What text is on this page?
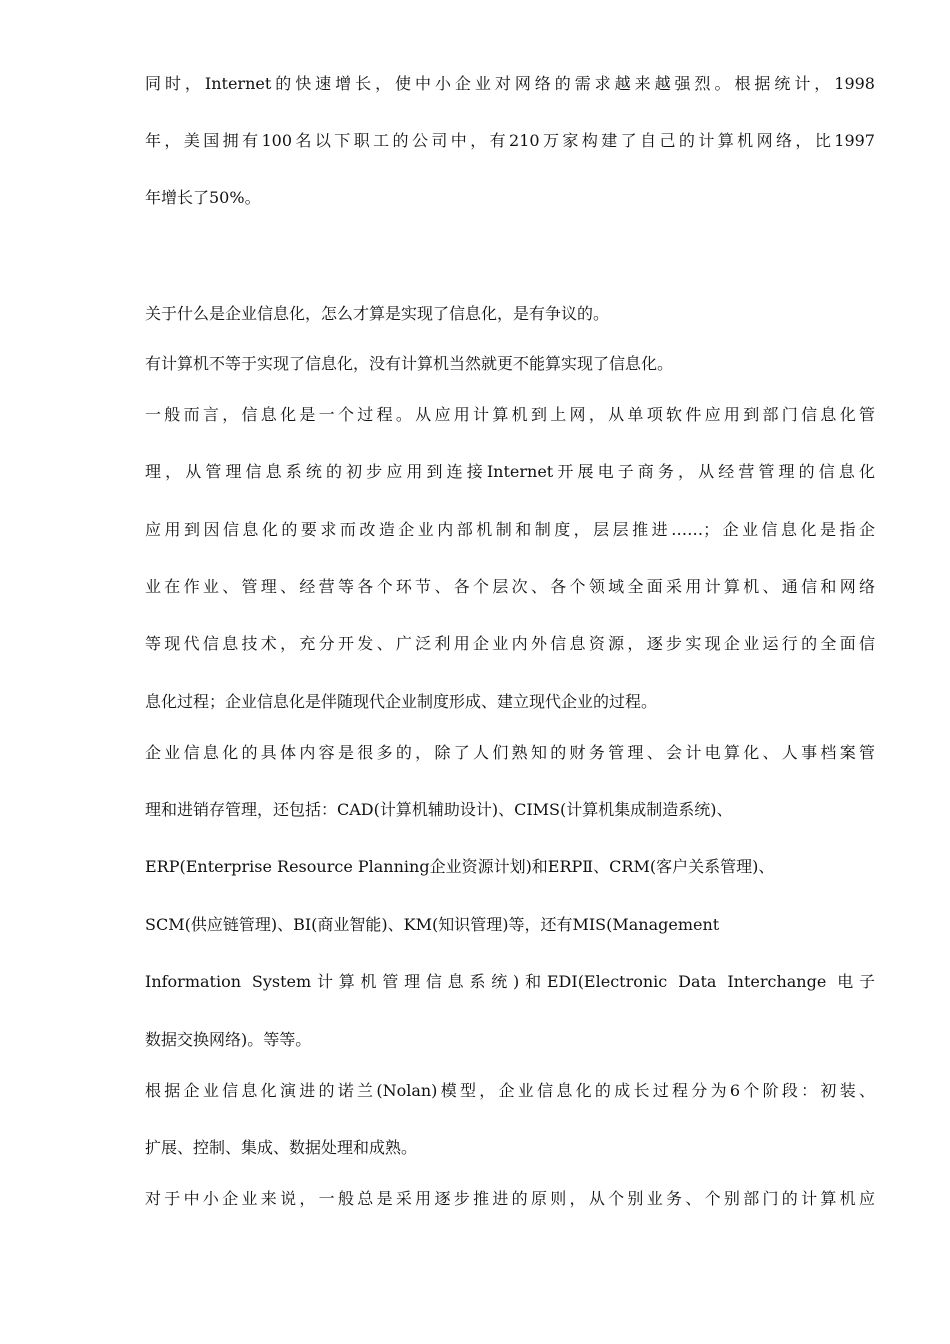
同时，Internet的快速增长，使中小企业对网络的需求越来越强烈。根据统计，1998
年，美国拥有100名以下职工的公司中，有210万家构建了自己的计算机网络，比1997
年增长了50%。
关于什么是企业信息化，怎么才算是实现了信息化，是有争议的。
有计算机不等于实现了信息化，没有计算机当然就更不能算实现了信息化。
一般而言，信息化是一个过程。从应用计算机到上网，从单项软件应用到部门信息化管
理，从管理信息系统的初步应用到连接Internet开展电子商务，从经营管理的信息化
应用到因信息化的要求而改造企业内部机制和制度，层层推进……；企业信息化是指企
业在作业、管理、经营等各个环节、各个层次、各个领域全面采用计算机、通信和网络
等现代信息技术，充分开发、广泛利用企业内外信息资源，逐步实现企业运行的全面信
息化过程；企业信息化是伴随现代企业制度形成、建立现代企业的过程。
企业信息化的具体内容是很多的，除了人们熟知的财务管理、会计电算化、人事档案管
理和进销存管理，还包括：CAD(计算机辅助设计)、CIMS(计算机集成制造系统)、
ERP(Enterprise Resource Planning企业资源计划)和ERPⅡ、CRM(客户关系管理)、
SCM(供应链管理)、BI(商业智能)、KM(知识管理)等，还有MIS(Management
Information System计算机管理信息系统)和EDI(Electronic Data Interchange 电子
数据交换网络)。等等。
根据企业信息化演进的诺兰(Nolan)模型，企业信息化的成长过程分为6个阶段：初装、
扩展、控制、集成、数据处理和成熟。
对于中小企业来说，一般总是采用逐步推进的原则，从个别业务、个别部门的计算机应
